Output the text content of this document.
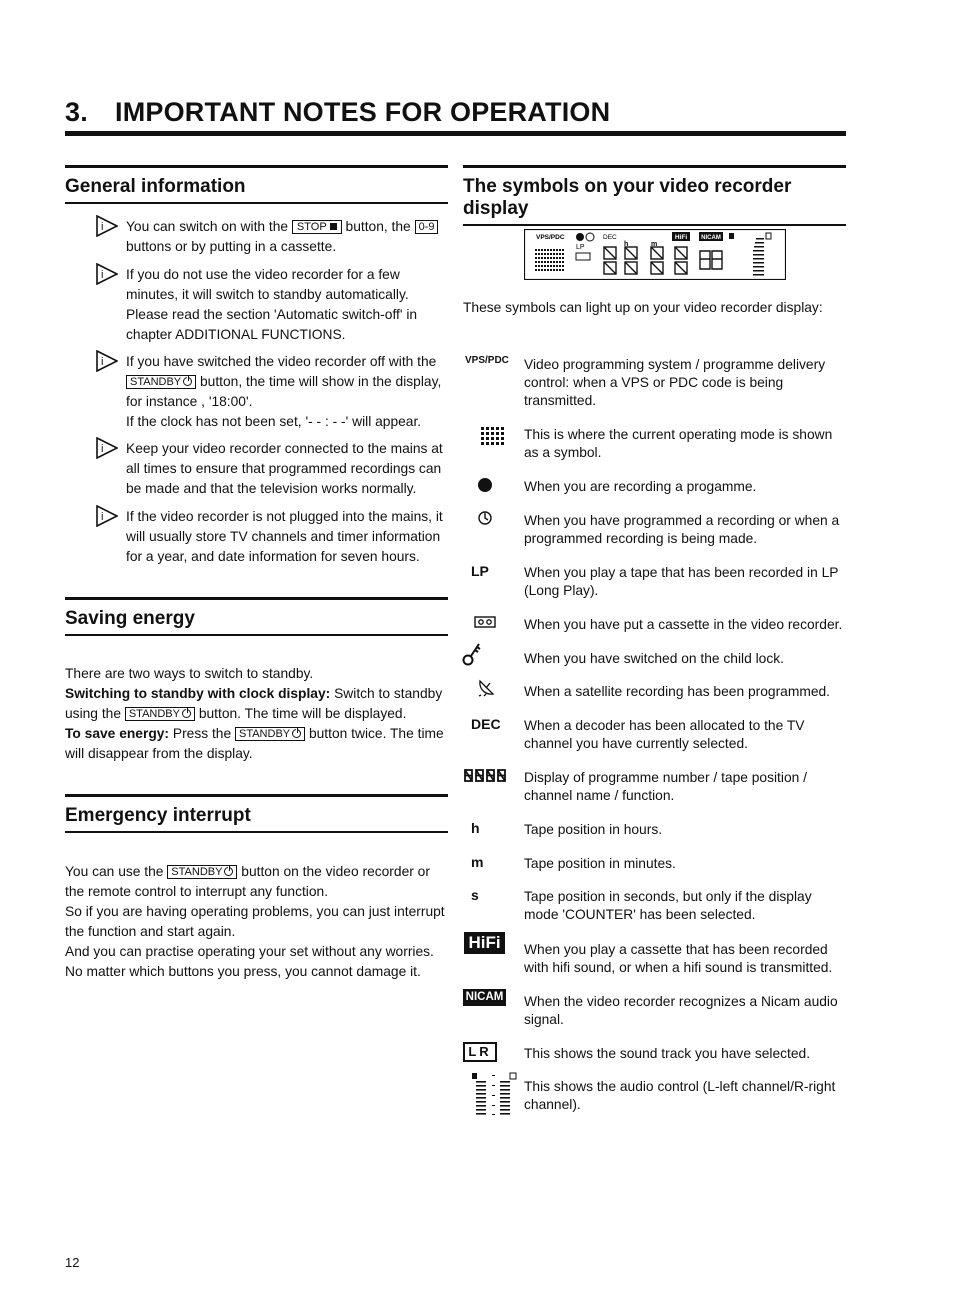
3. IMPORTANT NOTES FOR OPERATION
General information
i
i
i
i
i
You can switch on with the STOP button, the 0-9 buttons or by putting in a cassette.
If you do not use the video recorder for a few minutes, it will switch to standby automatically. Please read the section 'Automatic switch-off' in chapter ADDITIONAL FUNCTIONS.
If you have switched the video recorder off with the STANDBY button, the time will show in the display, for instance , '18:00'.
If the clock has not been set, '- - : - -' will appear.
Keep your video recorder connected to the mains at all times to ensure that programmed recordings can be made and that the television works normally.
If the video recorder is not plugged into the mains, it will usually store TV channels and timer information for a year, and date information for seven hours.
Saving energy
There are two ways to switch to standby.
Switching to standby with clock display: Switch to standby using the STANDBY button. The time will be displayed.
To save energy: Press the STANDBY button twice. The time will disappear from the display.
Emergency interrupt
You can use the STANDBY button on the video recorder or the remote control to interrupt any function.
So if you are having operating problems, you can just interrupt the function and start again.
And you can practise operating your set without any worries. No matter which buttons you press, you cannot damage it.
The symbols on your video recorder display
VPS/PDC
LP
DEC
h	m
HiFi NICAM
These symbols can light up on your video recorder display:
VPS/PDC
LP
DEC
h
m
s
HiFi
NICAM
LR
Video programming system / programme delivery control: when a VPS or PDC code is being transmitted.
This is where the current operating mode is shown as a symbol.
When you are recording a progamme.
When you have programmed a recording or when a programmed recording is being made.
When you play a tape that has been recorded in LP (Long Play).
When you have put a cassette in the video recorder.
When you have switched on the child lock.
When a satellite recording has been programmed.
When a decoder has been allocated to the TV channel you have currently selected.
Display of programme number / tape position / channel name / function.
Tape position in hours.
Tape position in minutes.
Tape position in seconds, but only if the display mode 'COUNTER' has been selected.
When you play a cassette that has been recorded with hifi sound, or when a hifi sound is transmitted.
When the video recorder recognizes a Nicam audio signal.
This shows the sound track you have selected.
This shows the audio control (L-left channel/R-right channel).
12
